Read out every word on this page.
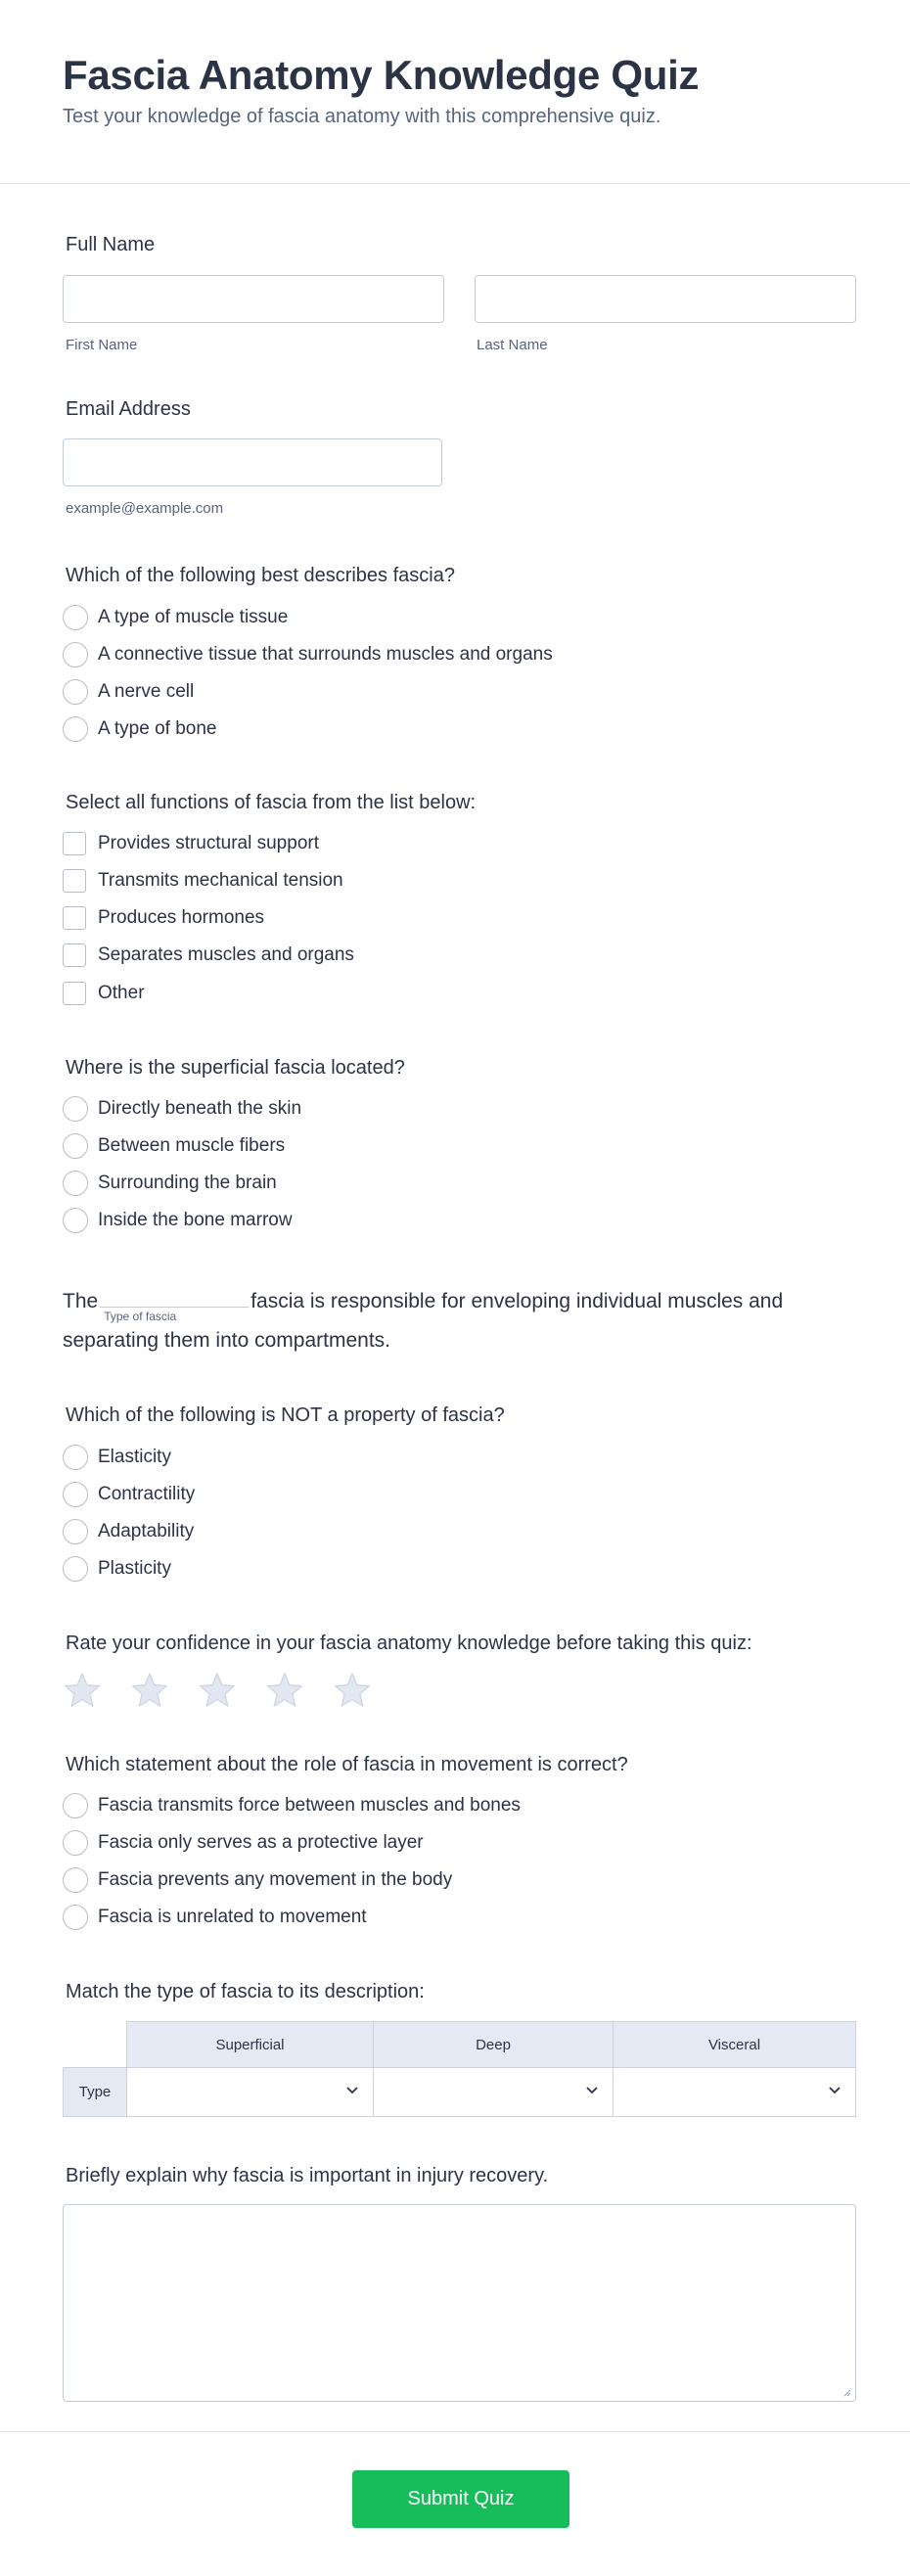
Fascia Anatomy Knowledge Quiz
Test your knowledge of fascia anatomy with this comprehensive quiz.
Full Name
First Name	Last Name
Email Address
example@example.com
Which of the following best describes fascia?
A type of muscle tissue
A connective tissue that surrounds muscles and organs
A nerve cell
A type of bone
Select all functions of fascia from the list below:
Provides structural support
Transmits mechanical tension
Produces hormones
Separates muscles and organs
Other
Where is the superficial fascia located?
Directly beneath the skin
Between muscle fibers
Surrounding the brain
Inside the bone marrow
The
Type of fascia
fascia is responsible for enveloping individual muscles and separating them into compartments.
Which of the following is NOT a property of fascia?
Elasticity
Contractility
Adaptability
Plasticity
Rate your confidence in your fascia anatomy knowledge before taking this quiz:
Which statement about the role of fascia in movement is correct?
Fascia transmits force between muscles and bones
Fascia only serves as a protective layer
Fascia prevents any movement in the body
Fascia is unrelated to movement
Match the type of fascia to its description:
Superficial	Deep	Visceral
Type
Briefly explain why fascia is important in injury recovery.
Submit Quiz
